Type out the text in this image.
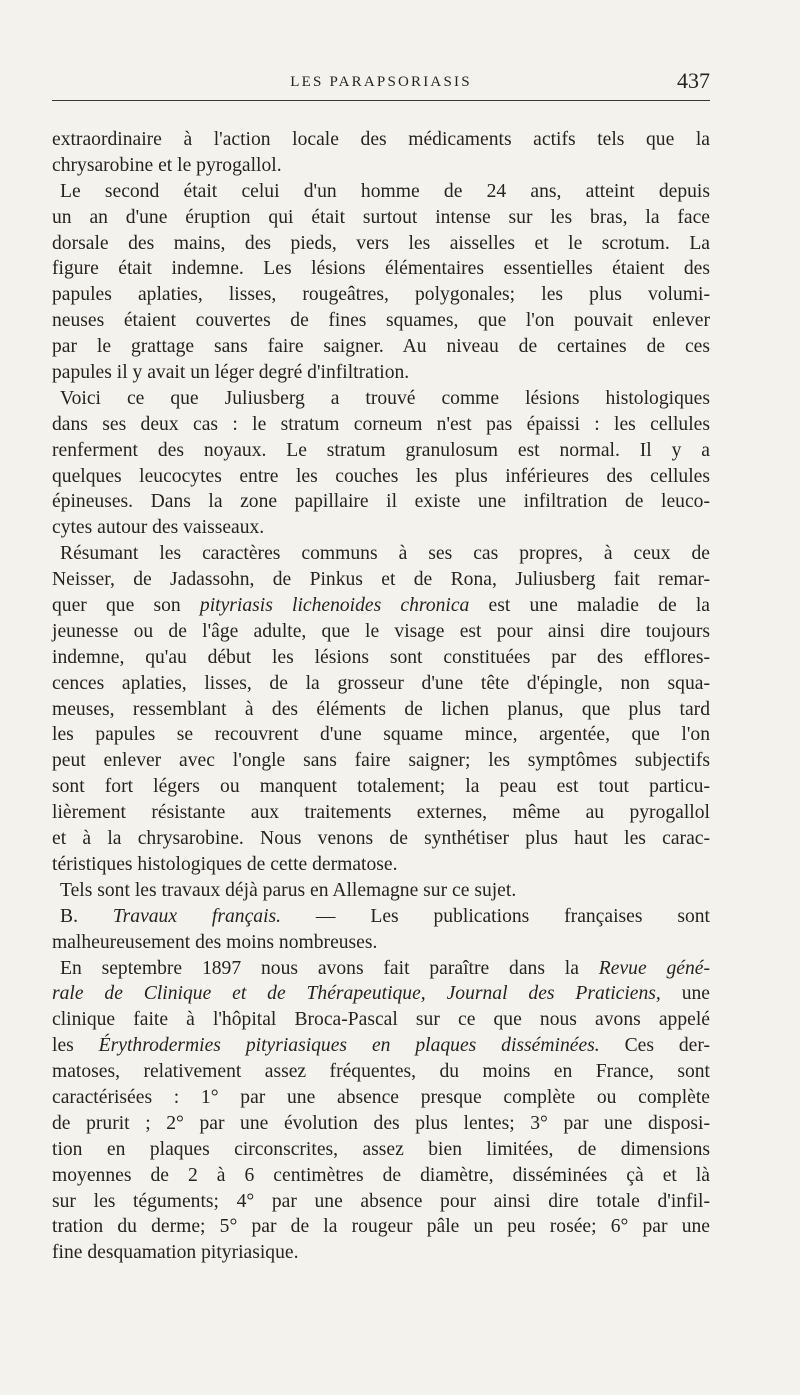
LES PARAPSORIASIS	437
extraordinaire à l'action locale des médicaments actifs tels que la
chrysarobine et le pyrogallol.
Le second était celui d'un homme de 24 ans, atteint depuis
un an d'une éruption qui était surtout intense sur les bras, la face
dorsale des mains, des pieds, vers les aisselles et le scrotum. La
figure était indemne. Les lésions élémentaires essentielles étaient des
papules aplaties, lisses, rougeâtres, polygonales; les plus volumi-
neuses étaient couvertes de fines squames, que l'on pouvait enlever
par le grattage sans faire saigner. Au niveau de certaines de ces
papules il y avait un léger degré d'infiltration.
Voici ce que Juliusberg a trouvé comme lésions histologiques
dans ses deux cas : le stratum corneum n'est pas épaissi : les cellules
renferment des noyaux. Le stratum granulosum est normal. Il y a
quelques leucocytes entre les couches les plus inférieures des cellules
épineuses. Dans la zone papillaire il existe une infiltration de leuco-
cytes autour des vaisseaux.
Résumant les caractères communs à ses cas propres, à ceux de
Neisser, de Jadassohn, de Pinkus et de Rona, Juliusberg fait remar-
quer que son pityriasis lichenoides chronica est une maladie de la
jeunesse ou de l'âge adulte, que le visage est pour ainsi dire toujours
indemne, qu'au début les lésions sont constituées par des efflores-
cences aplaties, lisses, de la grosseur d'une tête d'épingle, non squa-
meuses, ressemblant à des éléments de lichen planus, que plus tard
les papules se recouvrent d'une squame mince, argentée, que l'on
peut enlever avec l'ongle sans faire saigner; les symptômes subjectifs
sont fort légers ou manquent totalement; la peau est tout particu-
lièrement résistante aux traitements externes, même au pyrogallol
et à la chrysarobine. Nous venons de synthétiser plus haut les carac-
téristiques histologiques de cette dermatose.
Tels sont les travaux déjà parus en Allemagne sur ce sujet.
B. Travaux français. — Les publications françaises sont
malheureusement des moins nombreuses.
En septembre 1897 nous avons fait paraître dans la Revue géné-
rale de Clinique et de Thérapeutique, Journal des Praticiens, une
clinique faite à l'hôpital Broca-Pascal sur ce que nous avons appelé
les Érythrodermies pityriasiques en plaques disséminées. Ces der-
matoses, relativement assez fréquentes, du moins en France, sont
caractérisées : 1° par une absence presque complète ou complète
de prurit ; 2° par une évolution des plus lentes; 3° par une disposi-
tion en plaques circonscrites, assez bien limitées, de dimensions
moyennes de 2 à 6 centimètres de diamètre, disséminées çà et là
sur les téguments; 4° par une absence pour ainsi dire totale d'infil-
tration du derme; 5° par de la rougeur pâle un peu rosée; 6° par une
fine desquamation pityriasique.
